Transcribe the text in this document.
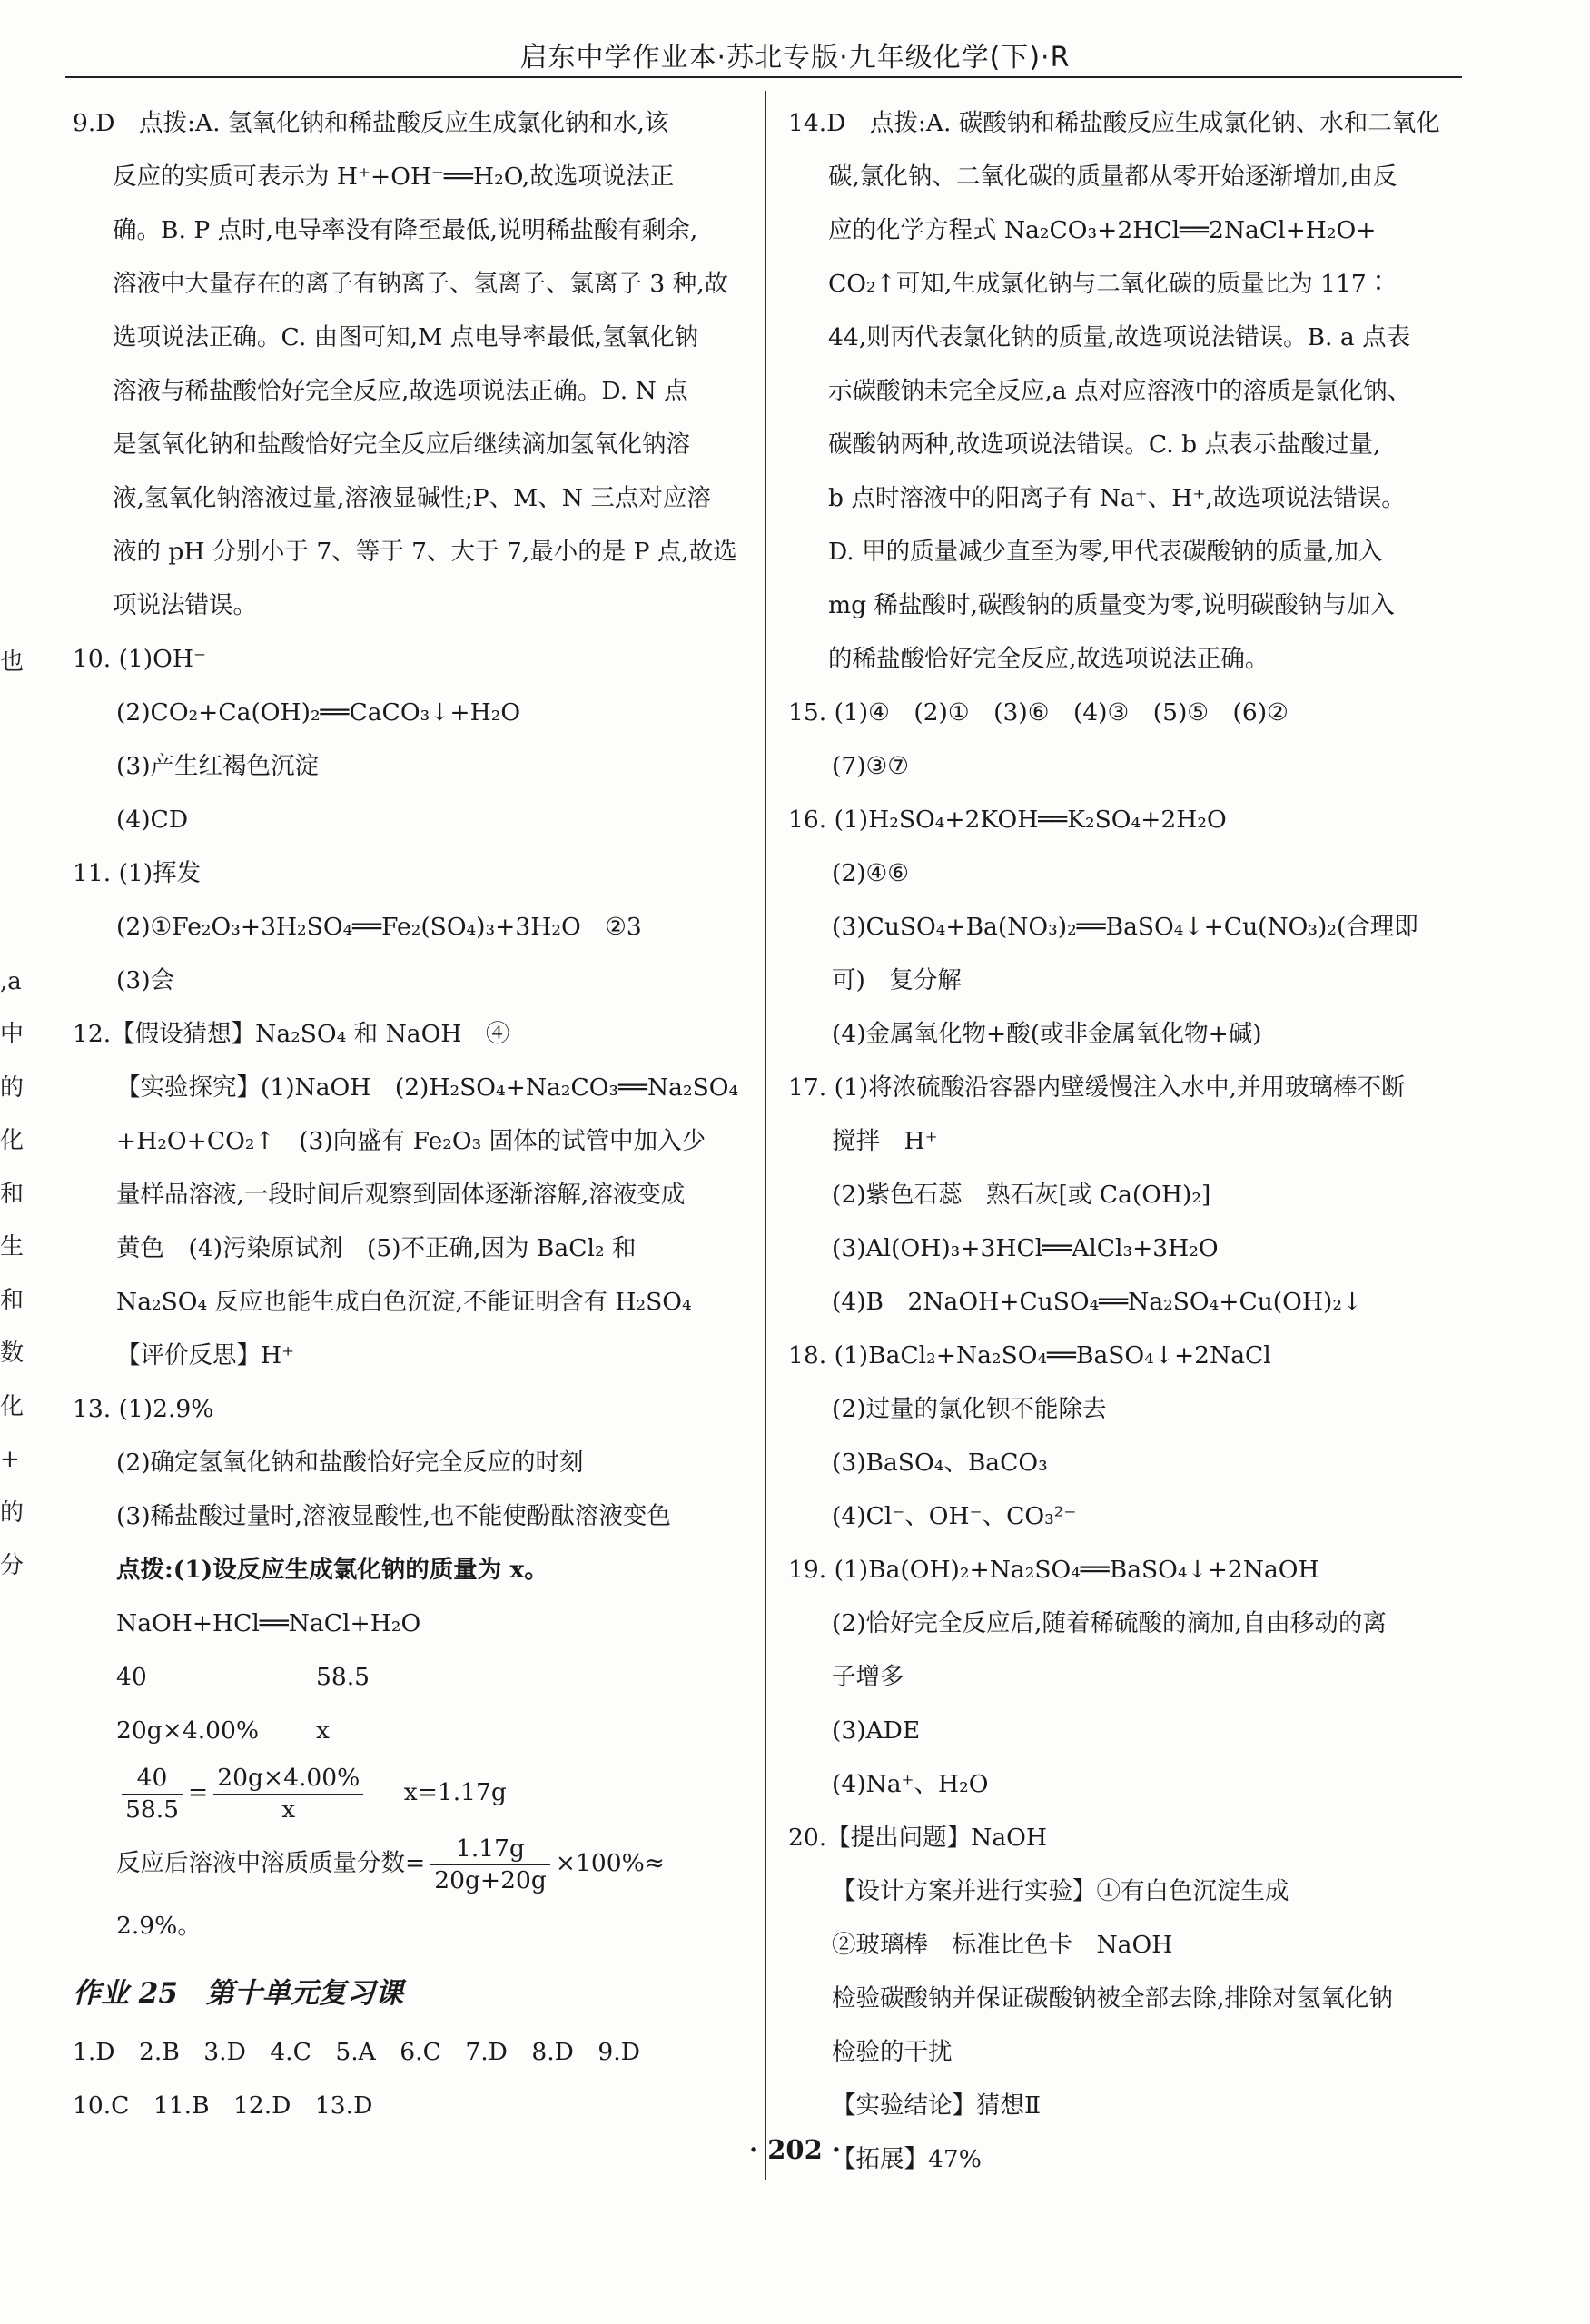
启东中学作业本·苏北专版·九年级化学(下)·R
也
,a
中
的
化
和
生
和
数
化
+
的
分
9.D　点拨:A. 氢氧化钠和稀盐酸反应生成氯化钠和水,该
反应的实质可表示为 H⁺+OH⁻══H₂O,故选项说法正
确。B. P 点时,电导率没有降至最低,说明稀盐酸有剩余,
溶液中大量存在的离子有钠离子、氢离子、氯离子 3 种,故
选项说法正确。C. 由图可知,M 点电导率最低,氢氧化钠
溶液与稀盐酸恰好完全反应,故选项说法正确。D. N 点
是氢氧化钠和盐酸恰好完全反应后继续滴加氢氧化钠溶
液,氢氧化钠溶液过量,溶液显碱性;P、M、N 三点对应溶
液的 pH 分别小于 7、等于 7、大于 7,最小的是 P 点,故选
项说法错误。
10. (1)OH⁻
(2)CO₂+Ca(OH)₂══CaCO₃↓+H₂O
(3)产生红褐色沉淀
(4)CD
11. (1)挥发
(2)①Fe₂O₃+3H₂SO₄══Fe₂(SO₄)₃+3H₂O　②3
(3)会
12.【假设猜想】Na₂SO₄ 和 NaOH　④
【实验探究】(1)NaOH　(2)H₂SO₄+Na₂CO₃══Na₂SO₄
+H₂O+CO₂↑　(3)向盛有 Fe₂O₃ 固体的试管中加入少
量样品溶液,一段时间后观察到固体逐渐溶解,溶液变成
黄色　(4)污染原试剂　(5)不正确,因为 BaCl₂ 和
Na₂SO₄ 反应也能生成白色沉淀,不能证明含有 H₂SO₄
【评价反思】H⁺
13. (1)2.9%
(2)确定氢氧化钠和盐酸恰好完全反应的时刻
(3)稀盐酸过量时,溶液显酸性,也不能使酚酞溶液变色
点拨:(1)设反应生成氯化钠的质量为 x。
NaOH+HCl══NaCl+H₂O
40	58.5
20g×4.00%	x
$\frac{40}{58.5} = \frac{20g\times 4.00\%}{x} x=1.17g$
反应后溶液中溶质质量分数= $\frac{1.17g}{20g+20g} \times 100\%\approx$
2.9%。
作业 25　第十单元复习课
1.D　2.B　3.D　4.C　5.A　6.C　7.D　8.D　9.D
10.C　11.B　12.D　13.D
14.D　点拨:A. 碳酸钠和稀盐酸反应生成氯化钠、水和二氧化
碳,氯化钠、二氧化碳的质量都从零开始逐渐增加,由反
应的化学方程式 Na₂CO₃+2HCl══2NaCl+H₂O+
CO₂↑可知,生成氯化钠与二氧化碳的质量比为 117∶
44,则丙代表氯化钠的质量,故选项说法错误。B. a 点表
示碳酸钠未完全反应,a 点对应溶液中的溶质是氯化钠、
碳酸钠两种,故选项说法错误。C. b 点表示盐酸过量,
b 点时溶液中的阳离子有 Na⁺、H⁺,故选项说法错误。
D. 甲的质量减少直至为零,甲代表碳酸钠的质量,加入
mg 稀盐酸时,碳酸钠的质量变为零,说明碳酸钠与加入
的稀盐酸恰好完全反应,故选项说法正确。
15. (1)④　(2)①　(3)⑥　(4)③　(5)⑤　(6)②
(7)③⑦
16. (1)H₂SO₄+2KOH══K₂SO₄+2H₂O
(2)④⑥
(3)CuSO₄+Ba(NO₃)₂══BaSO₄↓+Cu(NO₃)₂(合理即
可)　复分解
(4)金属氧化物+酸(或非金属氧化物+碱)
17. (1)将浓硫酸沿容器内壁缓慢注入水中,并用玻璃棒不断
搅拌　H⁺
(2)紫色石蕊　熟石灰[或 Ca(OH)₂]
(3)Al(OH)₃+3HCl══AlCl₃+3H₂O
(4)B　2NaOH+CuSO₄══Na₂SO₄+Cu(OH)₂↓
18. (1)BaCl₂+Na₂SO₄══BaSO₄↓+2NaCl
(2)过量的氯化钡不能除去
(3)BaSO₄、BaCO₃
(4)Cl⁻、OH⁻、CO₃²⁻
19. (1)Ba(OH)₂+Na₂SO₄══BaSO₄↓+2NaOH
(2)恰好完全反应后,随着稀硫酸的滴加,自由移动的离
子增多
(3)ADE
(4)Na⁺、H₂O
20.【提出问题】NaOH
【设计方案并进行实验】①有白色沉淀生成
②玻璃棒　标准比色卡　NaOH
检验碳酸钠并保证碳酸钠被全部去除,排除对氢氧化钠
检验的干扰
【实验结论】猜想Ⅱ
【拓展】47%
· 202 ·
